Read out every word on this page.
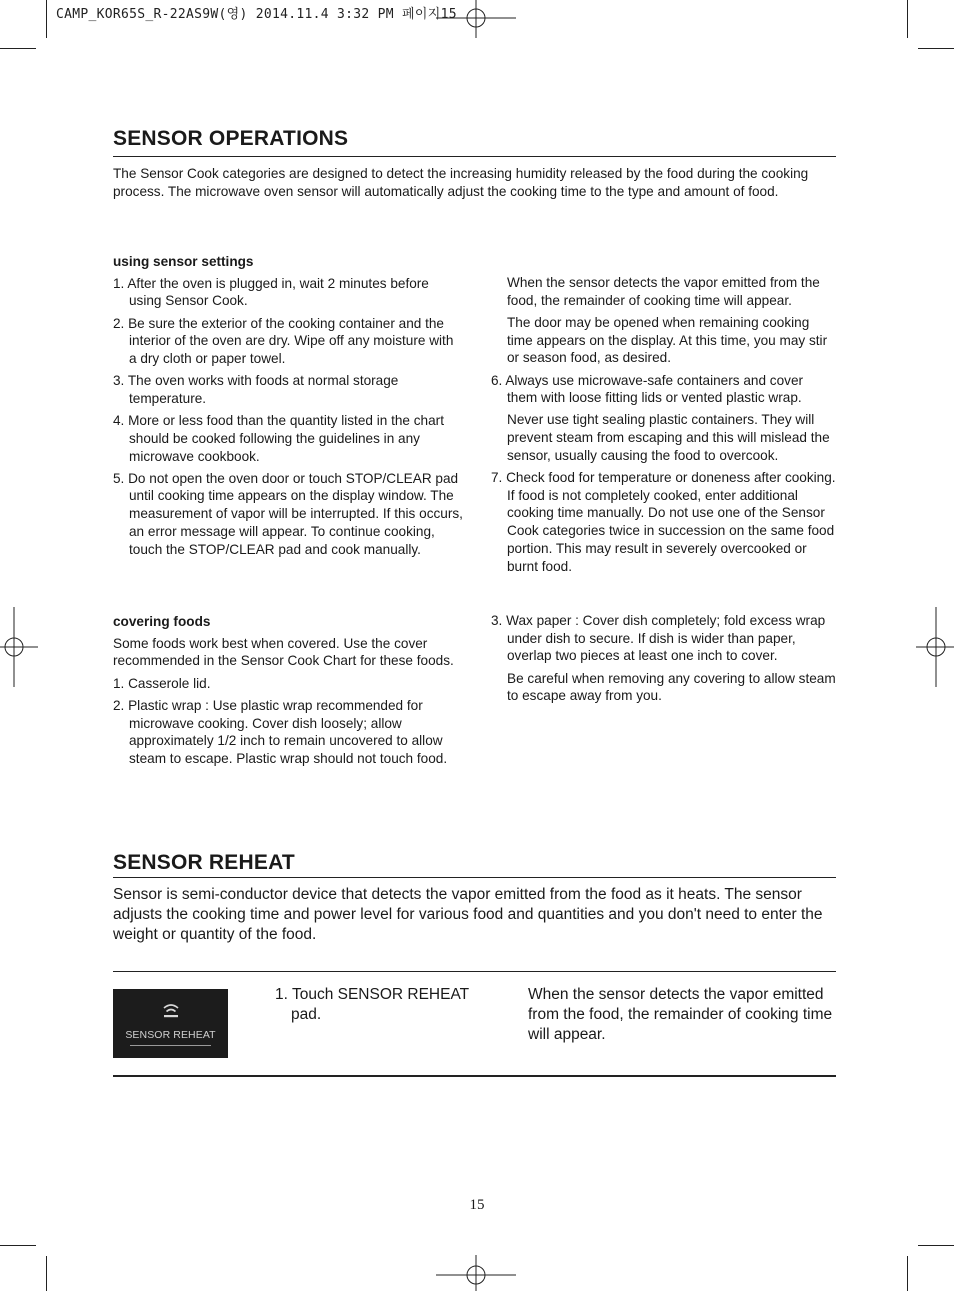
CAMP_KOR65S_R-22AS9W(영) 2014.11.4 3:32 PM 페이지15
SENSOR OPERATIONS
The Sensor Cook categories are designed to detect the increasing humidity released by the food during the cooking process. The microwave oven sensor will automatically adjust the cooking time to the type and amount of food.
using sensor settings
1. After the oven is plugged in, wait 2 minutes before using Sensor Cook.
2. Be sure the exterior of the cooking container and the interior of the oven are dry. Wipe off any moisture with a dry cloth or paper towel.
3. The oven works with foods at normal storage temperature.
4. More or less food than the quantity listed in the chart should be cooked following the guidelines in any microwave cookbook.
5. Do not open the oven door or touch STOP/CLEAR pad until cooking time appears on the display window. The measurement of vapor will be interrupted. If this occurs, an error message will appear. To continue cooking, touch the STOP/CLEAR pad and cook manually.
When the sensor detects the vapor emitted from the food, the remainder of cooking time will appear.
The door may be opened when remaining cooking time appears on the display. At this time, you may stir or season food, as desired.
6. Always use microwave-safe containers and cover them with loose fitting lids or vented plastic wrap.
Never use tight sealing plastic containers. They will prevent steam from escaping and this will mislead the sensor, usually causing the food to overcook.
7. Check food for temperature or doneness after cooking. If food is not completely cooked, enter additional cooking time manually. Do not use one of the Sensor Cook categories twice in succession on the same food portion. This may result in severely overcooked or burnt food.
covering foods
Some foods work best when covered. Use the cover recommended in the Sensor Cook Chart for these foods.
1. Casserole lid.
2. Plastic wrap : Use plastic wrap recommended for microwave cooking. Cover dish loosely; allow approximately 1/2 inch to remain uncovered to allow steam to escape. Plastic wrap should not touch food.
3. Wax paper : Cover dish completely; fold excess wrap under dish to secure. If dish is wider than paper, overlap two pieces at least one inch to cover.
Be careful when removing any covering to allow steam to escape away from you.
SENSOR REHEAT
Sensor is semi-conductor device that detects the vapor emitted from the food as it heats. The sensor adjusts the cooking time and power level for various food and quantities and you don't need to enter the weight or quantity of the food.
SENSOR REHEAT
1. Touch SENSOR REHEAT pad.
When the sensor detects the vapor emitted from the food, the remainder of cooking time will appear.
15
